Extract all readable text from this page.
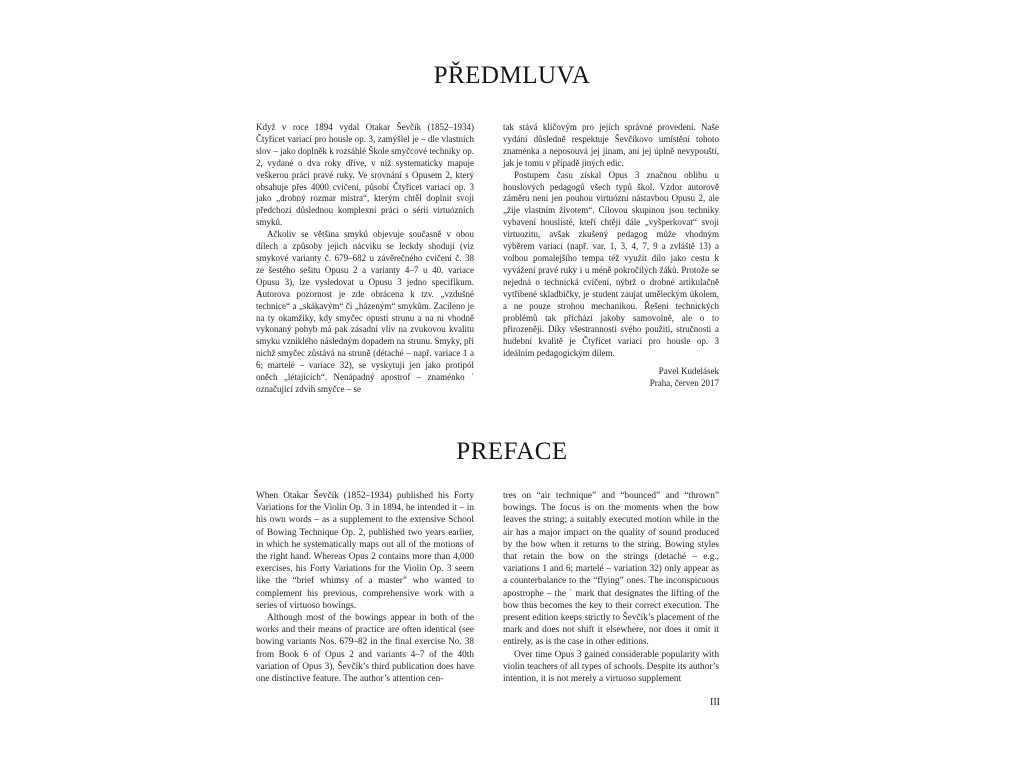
PŘEDMLUVA

Když v roce 1894 vydal Otakar Ševčík (1852–1934) Čtyřicet variací pro housle op. 3, zamýšlel je – dle vlastních slov – jako doplněk k rozsáhlé Škole smyčcové techniky op. 2, vydané o dva roky dříve, v níž systematicky mapuje veškerou práci pravé ruky. Ve srovnání s Opusem 2, který obsahuje přes 4000 cvičení, působí Čtyřicet variací op. 3 jako „drobný rozmar mistra“, kterým chtěl doplnit svoji předchozí důslednou komplexní práci o sérii virtuózních smyků.

Ačkoliv se většina smyků objevuje současně v obou dílech a způsoby jejich nácviku se leckdy shodují (viz smykové varianty č. 679–682 u závěrečného cvičení č. 38 ze šestého sešitu Opusu 2 a varianty 4–7 u 40. variace Opusu 3), lze vysledovat u Opusu 3 jedno specifikum. Autorova pozornost je zde obrácena k tzv. „vzdušné technice“ a „skákavým“ či „házeným“ smykům. Zacíleno je na ty okamžiky, kdy smyčec opustí strunu a na ní vhodně vykonaný pohyb má pak zásadní vliv na zvukovou kvalitu smyku vzniklého následným dopadem na strunu. Smyky, při nichž smyčec zůstává na struně (détaché – např. variace 1 a 6; martelé – variace 32), se vyskytují jen jako protipól oněch „létajících“. Nenápadný apostrof – znaménko ʾ označující zdvih smyčce – se

tak stává klíčovým pro jejich správné provedení. Naše vydání důsledně respektuje Ševčíkovo umístění tohoto znaménka a neposouvá jej jinam, ani jej úplně nevypouští, jak je tomu v případě jiných edic.

Postupem času získal Opus 3 značnou oblibu u houslových pedagogů všech typů škol. Vzdor autorově záměru není jen pouhou virtuózní nástavbou Opusu 2, ale „žije vlastním životem“. Cílovou skupinou jsou techniky vybavení houslisté, kteří chtějí dále „vyšperkovat“ svoji virtuozitu, avšak zkušený pedagog může vhodným výběrem variací (např. var. 1, 3, 4, 7, 9 a zvláště 13) a volbou pomalejšího tempa též využít dílo jako cestu k vyvážení pravé ruky i u méně pokročilých žáků. Protože se nejedná o technická cvičení, nýbrž o drobné artikulačně vytříbené skladbičky, je student zaujat uměleckým úkolem, a ne pouze strohou mechanikou. Řešení technických problémů tak přichází jakoby samovolně, ale o to přirozeněji. Díky všestrannosti svého použití, stručnosti a hudební kvalitě je Čtyřicet variací pro housle op. 3 ideálním pedagogickým dílem.

Pavel Kudelásek
Praha, červen 2017
PREFACE

When Otakar Ševčík (1852–1934) published his Forty Variations for the Violin Op. 3 in 1894, he intended it – in his own words – as a supplement to the extensive School of Bowing Technique Op. 2, published two years earlier, in which he systematically maps out all of the motions of the right hand. Whereas Opus 2 contains more than 4,000 exercises, his Forty Variations for the Violin Op. 3 seem like the “brief whimsy of a master” who wanted to complement his previous, comprehensive work with a series of virtuoso bowings.

Although most of the bowings appear in both of the works and their means of practice are often identical (see bowing variants Nos. 679–82 in the final exercise No. 38 from Book 6 of Opus 2 and variants 4–7 of the 40th variation of Opus 3), Ševčík’s third publication does have one distinctive feature. The author’s attention cen-

tres on “air technique” and “bounced” and “thrown” bowings. The focus is on the moments when the bow leaves the string; a suitably executed motion while in the air has a major impact on the quality of sound produced by the bow when it returns to the string. Bowing styles that retain the bow on the strings (detaché – e.g., variations 1 and 6; martelé – variation 32) only appear as a counterbalance to the “flying” ones. The inconspicuous apostrophe – the ʾ mark that designates the lifting of the bow thus becomes the key to their correct execution. The present edition keeps strictly to Ševčík’s placement of the mark and does not shift it elsewhere, nor does it omit it entirely, as is the case in other editions.

Over time Opus 3 gained considerable popularity with violin teachers of all types of schools. Despite its author’s intention, it is not merely a virtuoso supplement

III
